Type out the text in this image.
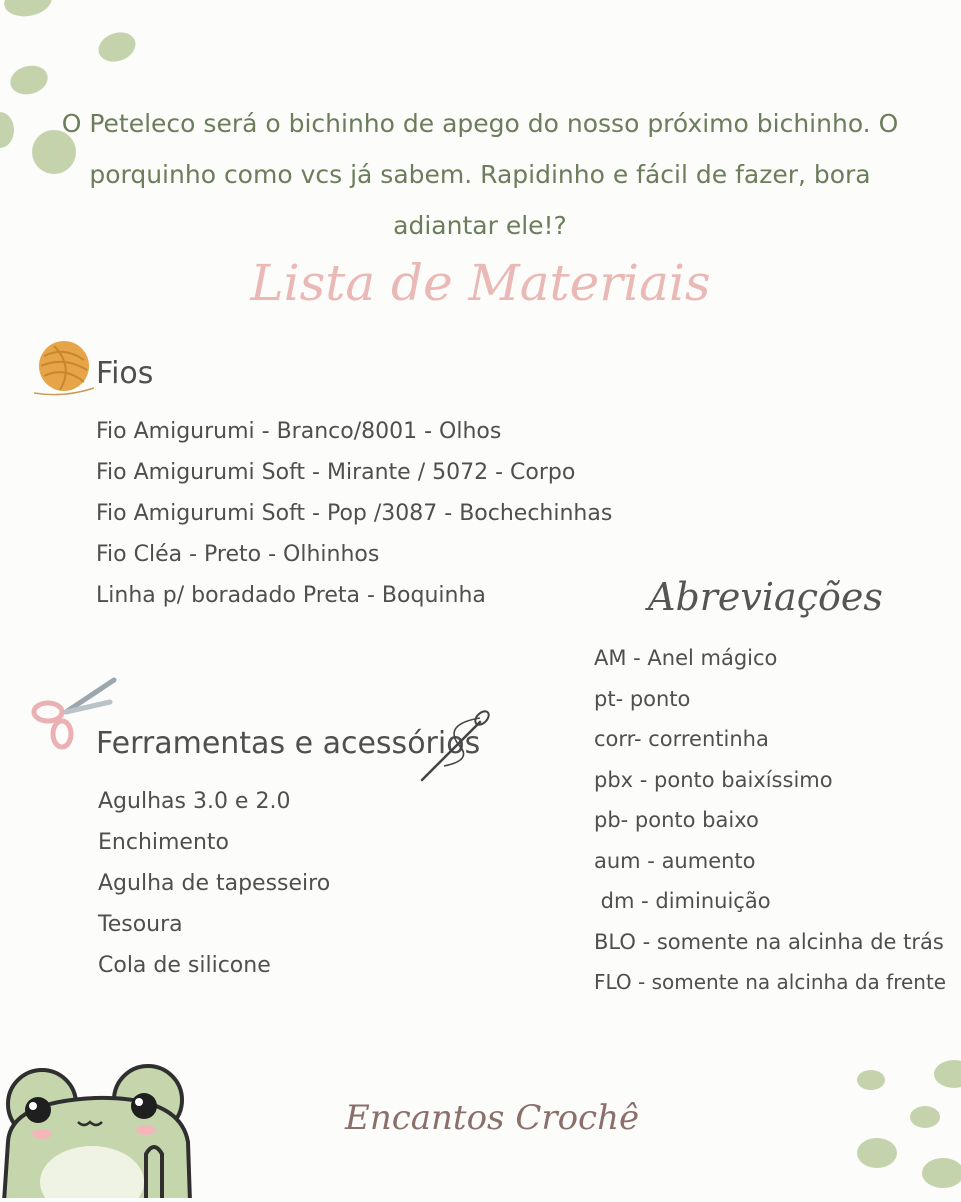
O Peteleco será o bichinho de apego do nosso próximo bichinho. O porquinho como vcs já sabem. Rapidinho e fácil de fazer, bora adiantar ele!?
Lista de Materiais
Fios
Fio Amigurumi - Branco/8001 - Olhos
Fio Amigurumi Soft - Mirante / 5072 - Corpo
Fio Amigurumi Soft - Pop /3087 - Bochechinhas
Fio Cléa - Preto - Olhinhos
Linha p/ boradado Preta - Boquinha
Ferramentas e acessórios
Agulhas 3.0 e 2.0
Enchimento
Agulha de tapesseiro
Tesoura
Cola de silicone
Abreviações
AM - Anel mágico
pt- ponto
corr- correntinha
pbx - ponto baixíssimo
pb- ponto baixo
aum - aumento
dm - diminuição
BLO - somente na alcinha de trás
FLO - somente na alcinha da frente
Encantos Crochê
